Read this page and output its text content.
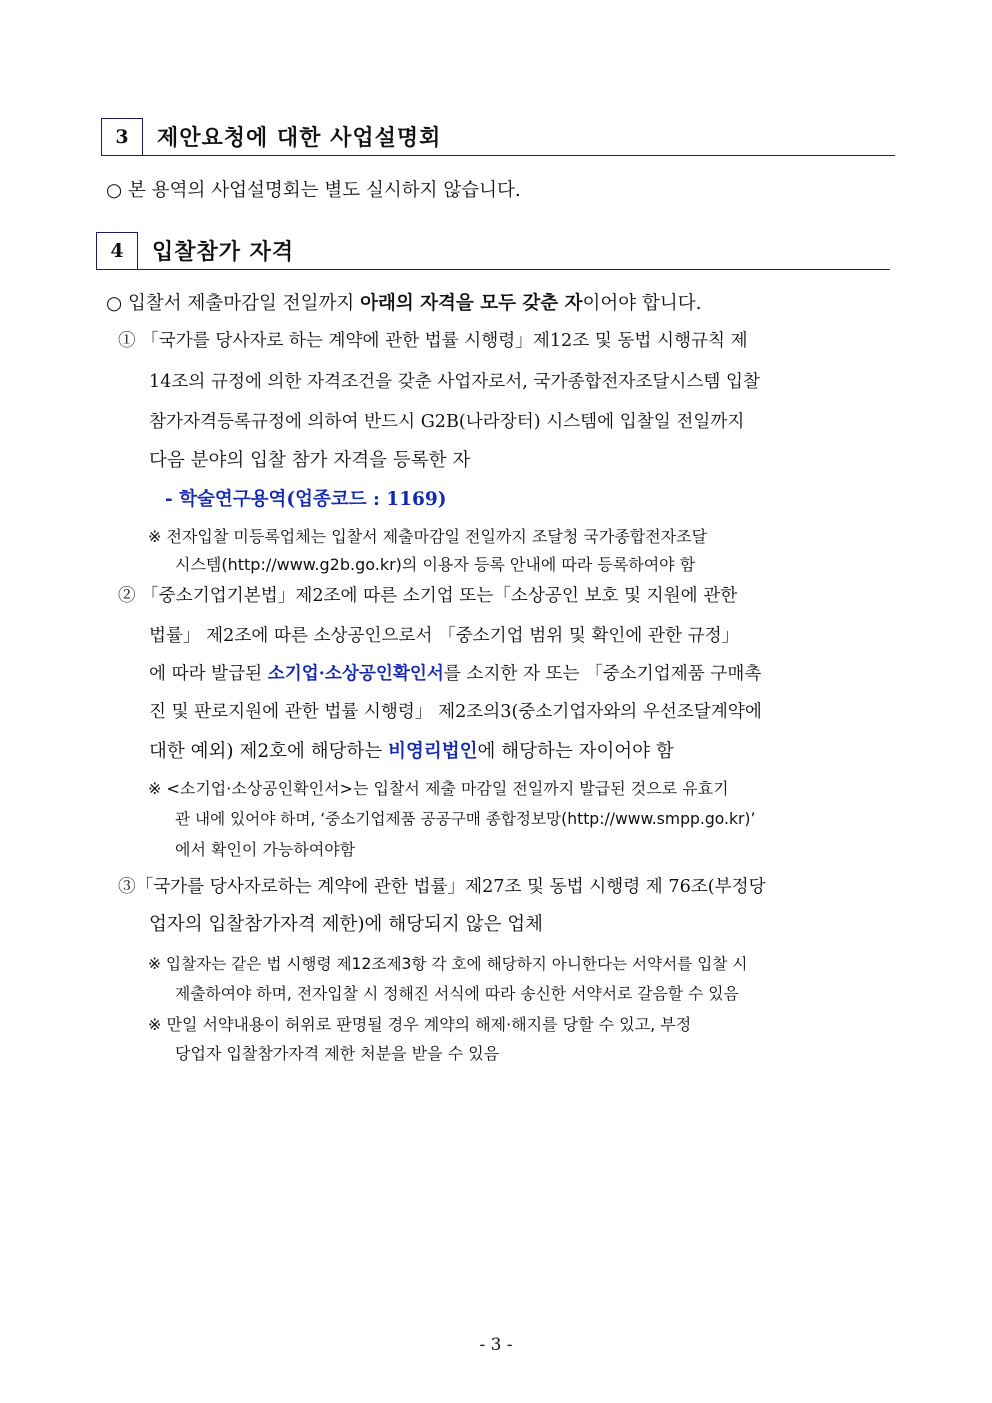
3	제안요청에 대한 사업설명회
○ 본 용역의 사업설명회는 별도 실시하지 않습니다.
4	입찰참가 자격
○ 입찰서 제출마감일 전일까지 아래의 자격을 모두 갖춘 자이어야 합니다.
① 「국가를 당사자로 하는 계약에 관한 법률 시행령」제12조 및 동법 시행규칙 제
14조의 규정에 의한 자격조건을 갖춘 사업자로서, 국가종합전자조달시스템 입찰
참가자격등록규정에 의하여 반드시 G2B(나라장터) 시스템에 입찰일 전일까지
다음 분야의 입찰 참가 자격을 등록한 자
- 학술연구용역(업종코드 : 1169)
※ 전자입찰 미등록업체는 입찰서 제출마감일 전일까지 조달청 국가종합전자조달
시스템(http://www.g2b.go.kr)의 이용자 등록 안내에 따라 등록하여야 함
② 「중소기업기본법」제2조에 따른 소기업 또는「소상공인 보호 및 지원에 관한
법률」 제2조에 따른 소상공인으로서 「중소기업 범위 및 확인에 관한 규정」
에 따라 발급된 소기업·소상공인확인서를 소지한 자 또는 「중소기업제품 구매촉
진 및 판로지원에 관한 법률 시행령」 제2조의3(중소기업자와의 우선조달계약에
대한 예외) 제2호에 해당하는 비영리법인에 해당하는 자이어야 함
※ <소기업·소상공인확인서>는 입찰서 제출 마감일 전일까지 발급된 것으로 유효기
관 내에 있어야 하며, ‘중소기업제품 공공구매 종합정보망(http://www.smpp.go.kr)’
에서 확인이 가능하여야함
③「국가를 당사자로하는 계약에 관한 법률」제27조 및 동법 시행령 제 76조(부정당
업자의 입찰참가자격 제한)에 해당되지 않은 업체
※ 입찰자는 같은 법 시행령 제12조제3항 각 호에 해당하지 아니한다는 서약서를 입찰 시
제출하여야 하며, 전자입찰 시 정해진 서식에 따라 송신한 서약서로 갈음할 수 있음
※ 만일 서약내용이 허위로 판명될 경우 계약의 해제·해지를 당할 수 있고, 부정
당업자 입찰참가자격 제한 처분을 받을 수 있음
- 3 -
